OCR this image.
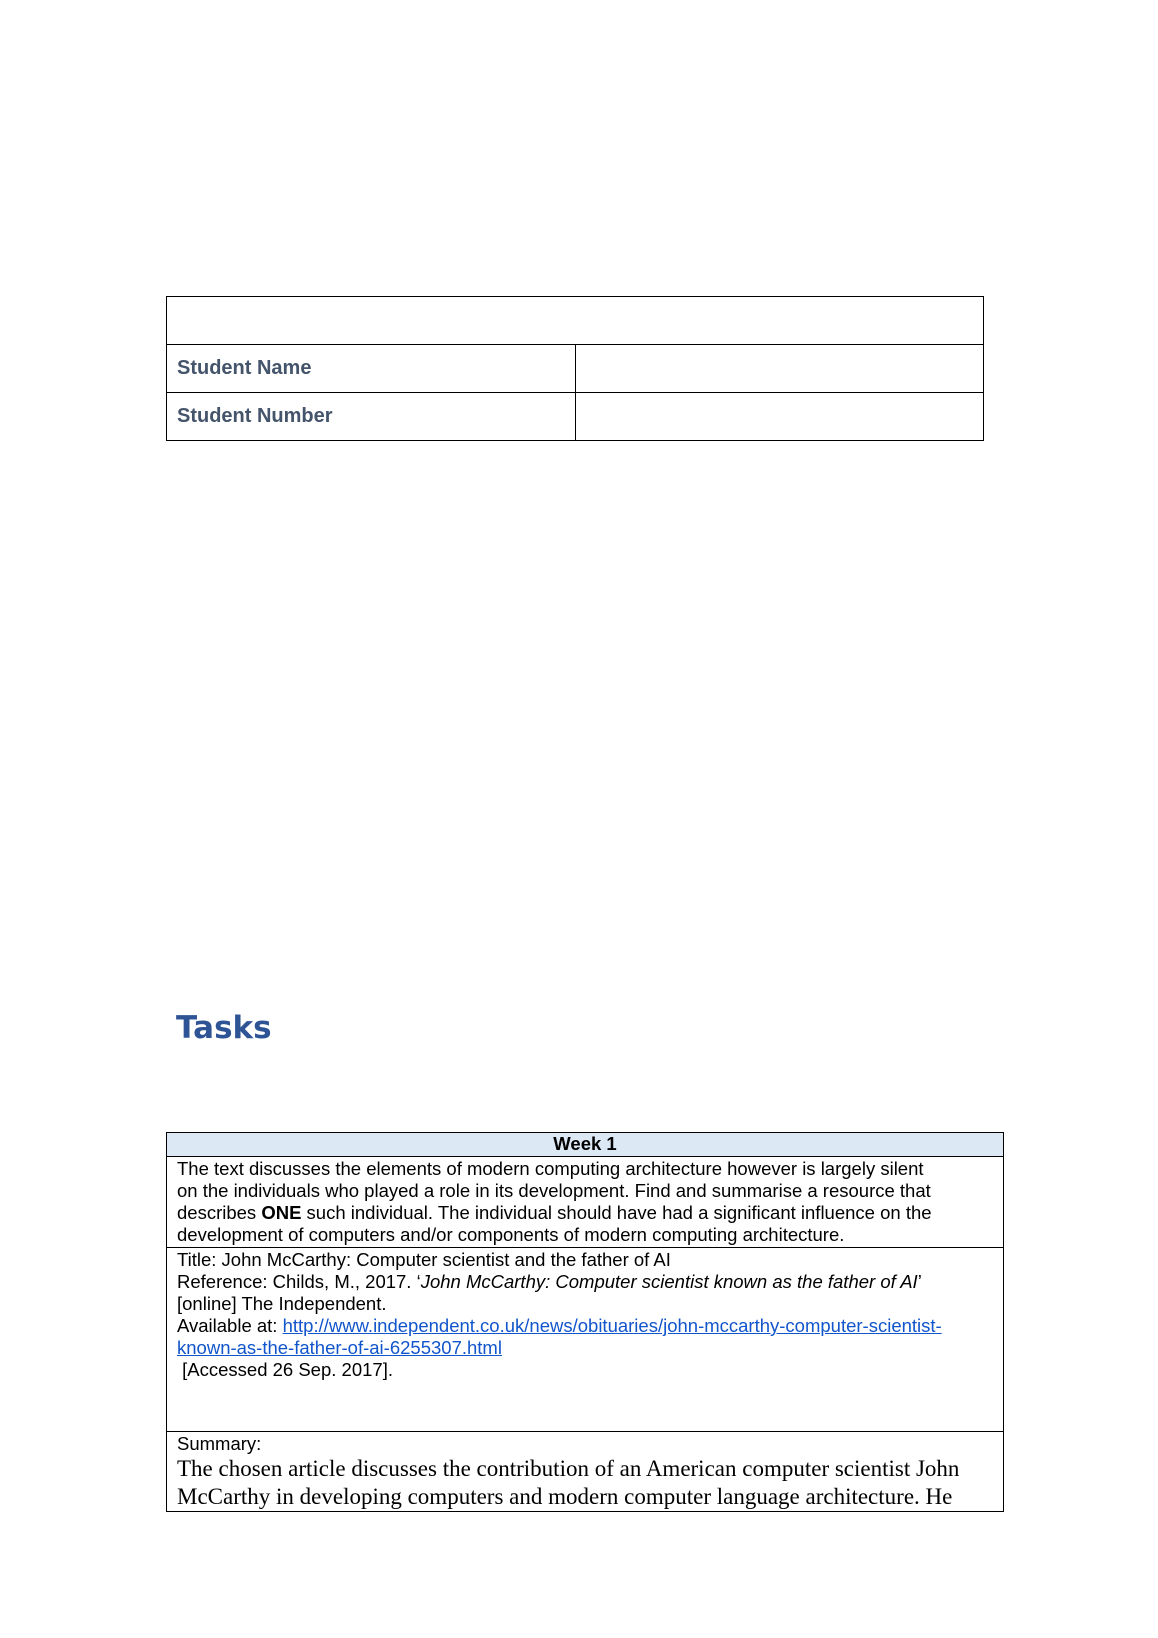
Student Name	
Student Number	
Tasks
Week 1

The text discusses the elements of modern computing architecture however is largely silent
on the individuals who played a role in its development. Find and summarise a resource that
describes ONE such individual. The individual should have had a significant influence on the
development of computers and/or components of modern computing architecture.

Title: John McCarthy: Computer scientist and the father of AI
Reference: Childs, M., 2017. ‘John McCarthy: Computer scientist known as the father of AI’
[online] The Independent.
Available at: http://www.independent.co.uk/news/obituaries/john-mccarthy-computer-scientist-
known-as-the-father-of-ai-6255307.html
[Accessed 26 Sep. 2017].

Summary:
The chosen article discusses the contribution of an American computer scientist John
McCarthy in developing computers and modern computer language architecture. He
